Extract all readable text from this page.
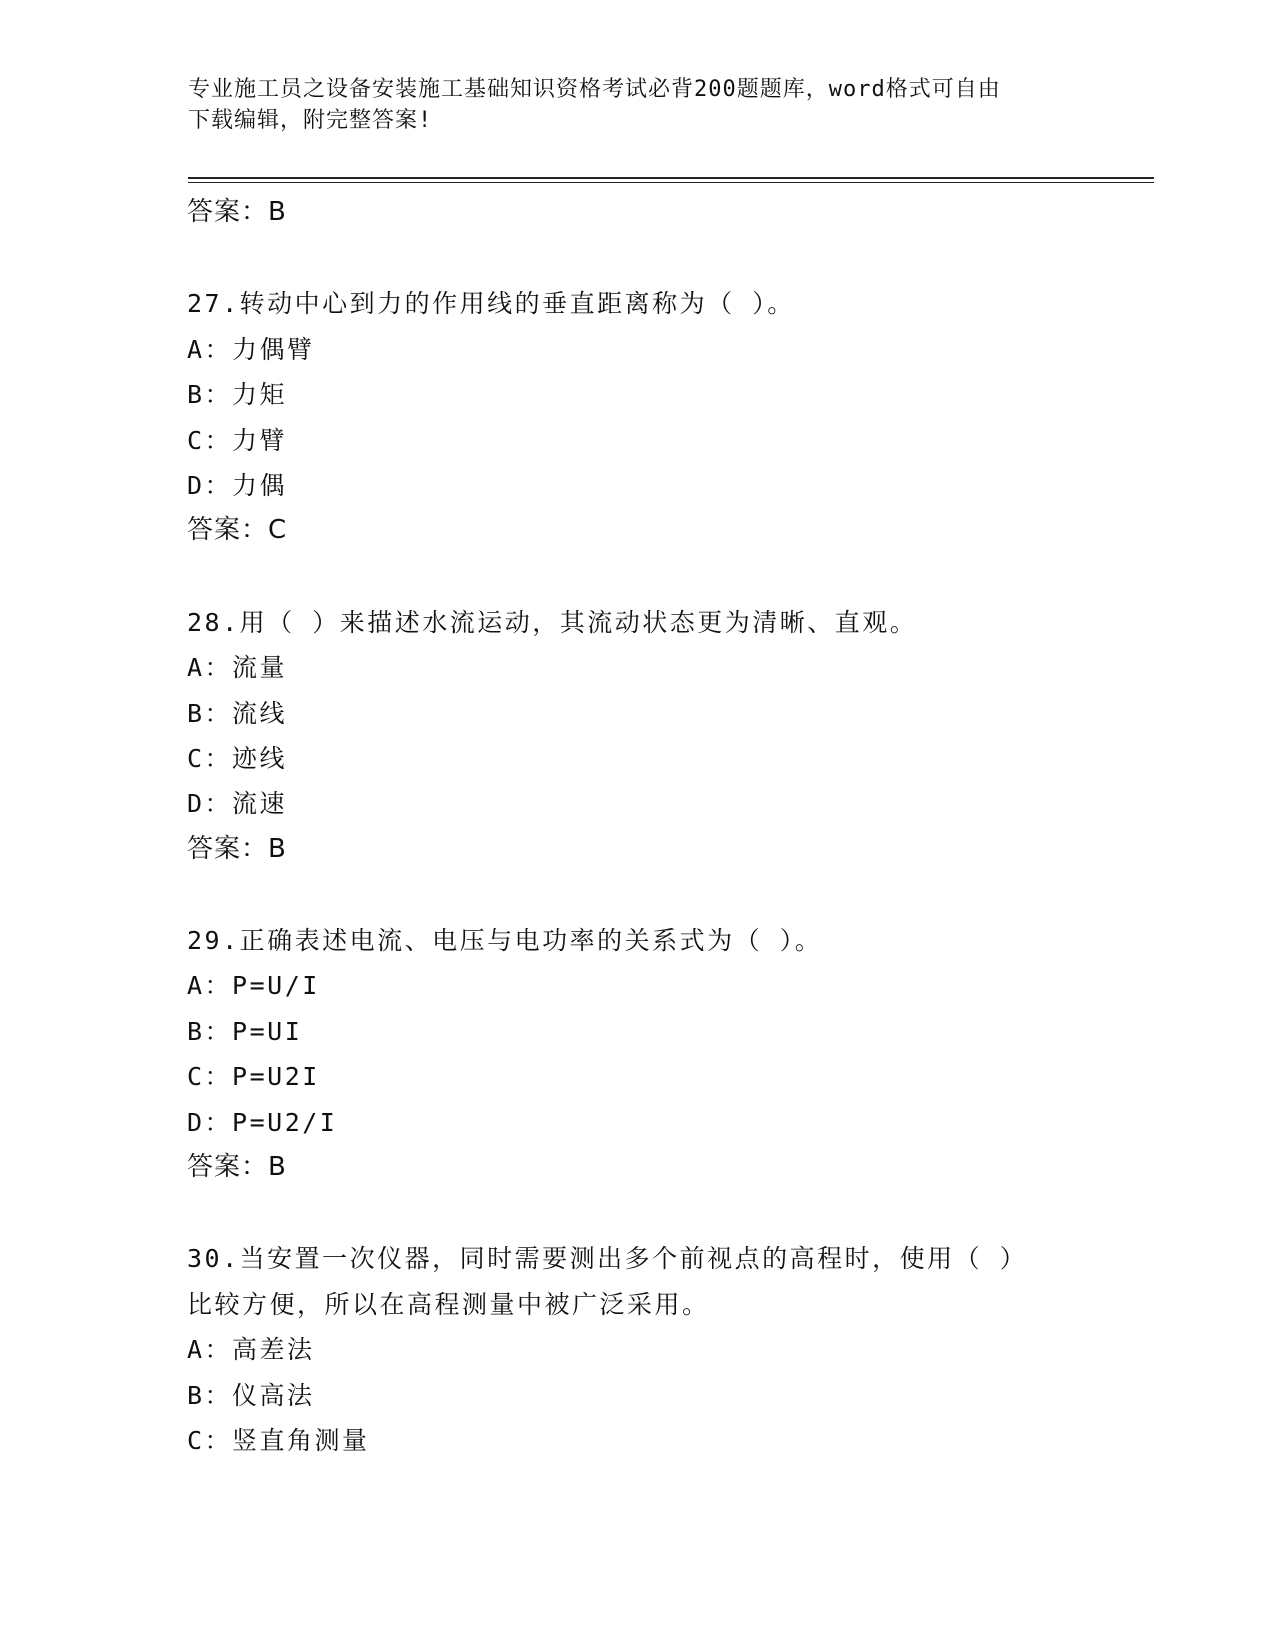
专业施工员之设备安装施工基础知识资格考试必背200题题库，word格式可自由
下载编辑，附完整答案!
答案：B
27.转动中心到力的作用线的垂直距离称为（ ）。
A：力偶臂
B：力矩
C：力臂
D：力偶
答案：C
28.用（ ）来描述水流运动，其流动状态更为清晰、直观。
A：流量
B：流线
C：迹线
D：流速
答案：B
29.正确表述电流、电压与电功率的关系式为（ ）。
A：P=U/I
B：P=UI
C：P=U2I
D：P=U2/I
答案：B
30.当安置一次仪器，同时需要测出多个前视点的高程时，使用（ ）
比较方便，所以在高程测量中被广泛采用。
A：高差法
B：仪高法
C：竖直角测量
